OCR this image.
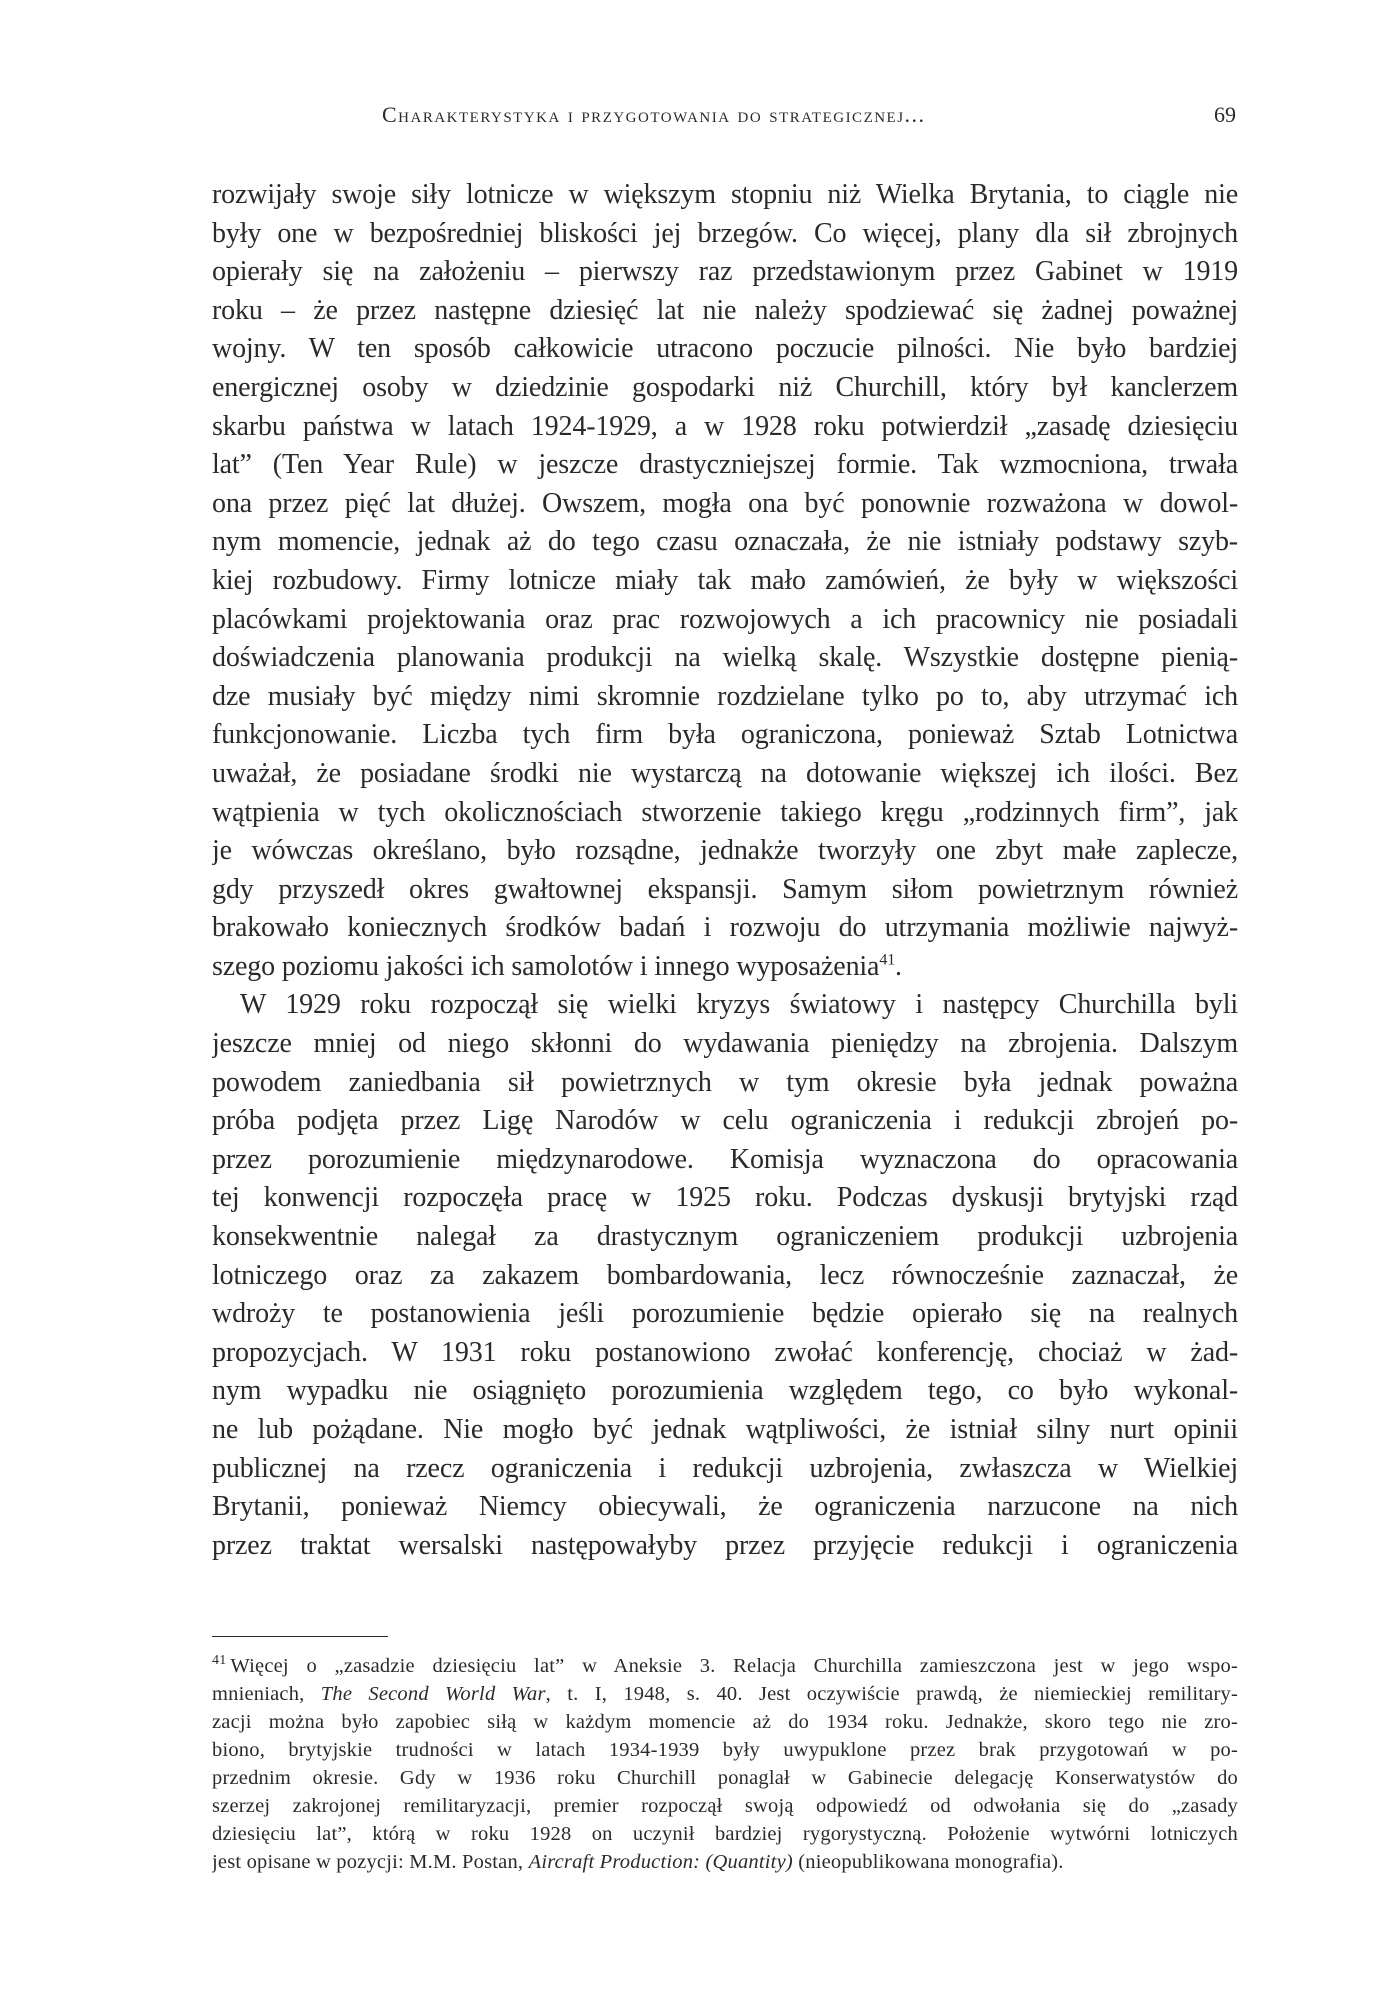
Charakterystyka i przygotowania do strategicznej...	69
rozwijały swoje siły lotnicze w większym stopniu niż Wielka Brytania, to ciągle nie
były one w bezpośredniej bliskości jej brzegów. Co więcej, plany dla sił zbrojnych
opierały się na założeniu – pierwszy raz przedstawionym przez Gabinet w 1919
roku – że przez następne dziesięć lat nie należy spodziewać się żadnej poważnej
wojny. W ten sposób całkowicie utracono poczucie pilności. Nie było bardziej
energicznej osoby w dziedzinie gospodarki niż Churchill, który był kanclerzem
skarbu państwa w latach 1924-1929, a w 1928 roku potwierdził „zasadę dziesięciu
lat” (Ten Year Rule) w jeszcze drastyczniejszej formie. Tak wzmocniona, trwała
ona przez pięć lat dłużej. Owszem, mogła ona być ponownie rozważona w dowol-
nym momencie, jednak aż do tego czasu oznaczała, że nie istniały podstawy szyb-
kiej rozbudowy. Firmy lotnicze miały tak mało zamówień, że były w większości
placówkami projektowania oraz prac rozwojowych a ich pracownicy nie posiadali
doświadczenia planowania produkcji na wielką skalę. Wszystkie dostępne pienią-
dze musiały być między nimi skromnie rozdzielane tylko po to, aby utrzymać ich
funkcjonowanie. Liczba tych firm była ograniczona, ponieważ Sztab Lotnictwa
uważał, że posiadane środki nie wystarczą na dotowanie większej ich ilości. Bez
wątpienia w tych okolicznościach stworzenie takiego kręgu „rodzinnych firm”, jak
je wówczas określano, było rozsądne, jednakże tworzyły one zbyt małe zaplecze,
gdy przyszedł okres gwałtownej ekspansji. Samym siłom powietrznym również
brakowało koniecznych środków badań i rozwoju do utrzymania możliwie najwyż-
szego poziomu jakości ich samolotów i innego wyposażenia$^{41}$.
W 1929 roku rozpoczął się wielki kryzys światowy i następcy Churchilla byli
jeszcze mniej od niego skłonni do wydawania pieniędzy na zbrojenia. Dalszym
powodem zaniedbania sił powietrznych w tym okresie była jednak poważna
próba podjęta przez Ligę Narodów w celu ograniczenia i redukcji zbrojeń po-
przez porozumienie międzynarodowe. Komisja wyznaczona do opracowania
tej konwencji rozpoczęła pracę w 1925 roku. Podczas dyskusji brytyjski rząd
konsekwentnie nalegał za drastycznym ograniczeniem produkcji uzbrojenia
lotniczego oraz za zakazem bombardowania, lecz równocześnie zaznaczał, że
wdroży te postanowienia jeśli porozumienie będzie opierało się na realnych
propozycjach. W 1931 roku postanowiono zwołać konferencję, chociaż w żad-
nym wypadku nie osiągnięto porozumienia względem tego, co było wykonal-
ne lub pożądane. Nie mogło być jednak wątpliwości, że istniał silny nurt opinii
publicznej na rzecz ograniczenia i redukcji uzbrojenia, zwłaszcza w Wielkiej
Brytanii, ponieważ Niemcy obiecywali, że ograniczenia narzucone na nich
przez traktat wersalski następowałyby przez przyjęcie redukcji i ograniczenia
$^{41}$ Więcej o „zasadzie dziesięciu lat” w Aneksie 3. Relacja Churchilla zamieszczona jest w jego wspo-
mnieniach, The Second World War, t. I, 1948, s. 40. Jest oczywiście prawdą, że niemieckiej remilitary-
zacji można było zapobiec siłą w każdym momencie aż do 1934 roku. Jednakże, skoro tego nie zro-
biono, brytyjskie trudności w latach 1934-1939 były uwypuklone przez brak przygotowań w po-
przednim okresie. Gdy w 1936 roku Churchill ponaglał w Gabinecie delegację Konserwatystów do
szerzej zakrojonej remilitaryzacji, premier rozpoczął swoją odpowiedź od odwołania się do „zasady
dziesięciu lat”, którą w roku 1928 on uczynił bardziej rygorystyczną. Położenie wytwórni lotniczych
jest opisane w pozycji: M.M. Postan, Aircraft Production: (Quantity) (nieopublikowana monografia).
